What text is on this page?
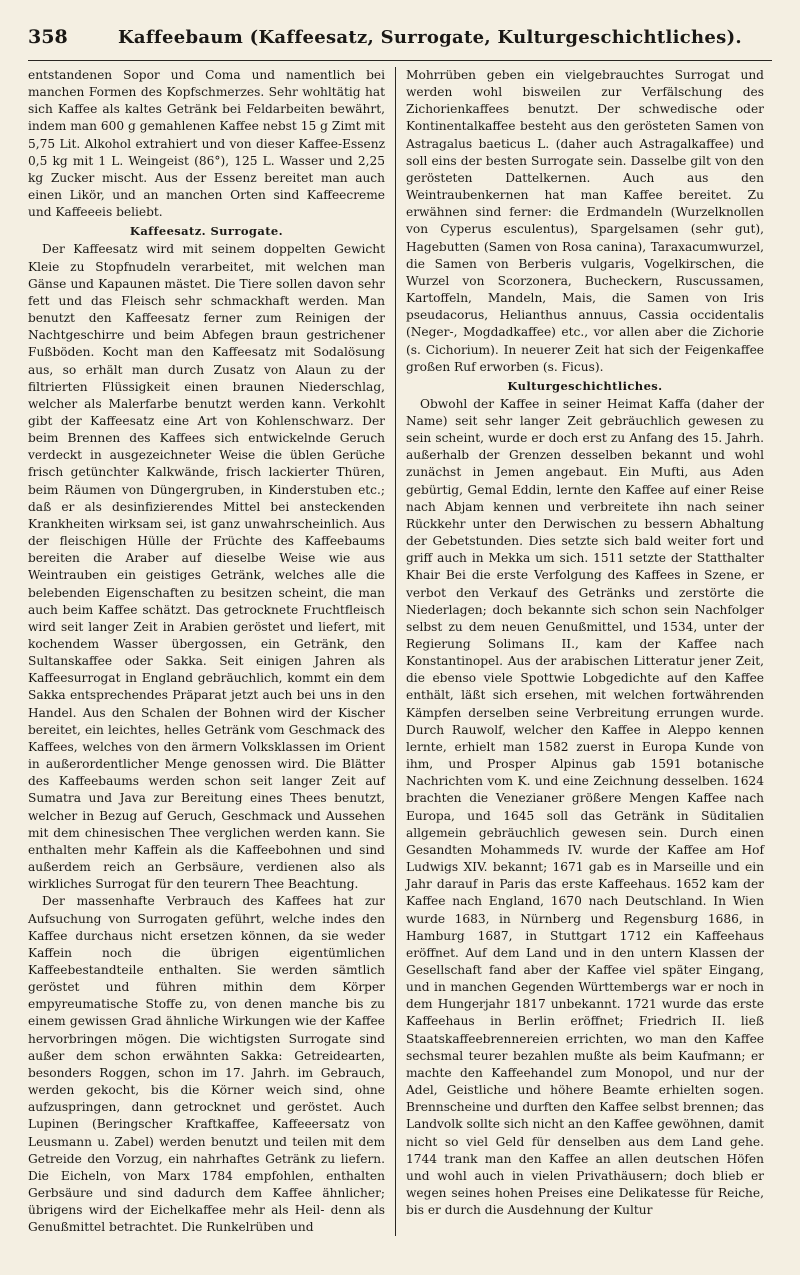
358	Kaffeebaum (Kaffeesatz, Surrogate, Kulturgeschichtliches).

entstandenen Sopor und Coma und namentlich bei manchen Formen des Kopfschmerzes. Sehr wohltätig hat sich Kaffee als kaltes Getränk bei Feldarbeiten bewährt, indem man 600 g gemahlenen Kaffee nebst 15 g Zimt mit 5,75 Lit. Alkohol extrahiert und von dieser Kaffee-Essenz 0,5 kg mit 1 L. Weingeist (86°), 125 L. Wasser und 2,25 kg Zucker mischt. Aus der Essenz bereitet man auch einen Likör, und an manchen Orten sind Kaffeecreme und Kaffeeeis beliebt.

Kaffeesatz. Surrogate.

Der Kaffeesatz wird mit seinem doppelten Gewicht Kleie zu Stopfnudeln verarbeitet, mit welchen man Gänse und Kapaunen mästet. Die Tiere sollen davon sehr fett und das Fleisch sehr schmackhaft werden. Man benutzt den Kaffeesatz ferner zum Reinigen der Nachtgeschirre und beim Abfegen braun gestrichener Fußböden. Kocht man den Kaffeesatz mit Sodalösung aus, so erhält man durch Zusatz von Alaun zu der filtrierten Flüssigkeit einen braunen Niederschlag, welcher als Malerfarbe benutzt werden kann. Verkohlt gibt der Kaffeesatz eine Art von Kohlenschwarz. Der beim Brennen des Kaffees sich entwickelnde Geruch verdeckt in ausgezeichneter Weise die üblen Gerüche frisch getünchter Kalkwände, frisch lackierter Thüren, beim Räumen von Düngergruben, in Kinderstuben etc.; daß er als desinfizierendes Mittel bei ansteckenden Krankheiten wirksam sei, ist ganz unwahrscheinlich. Aus der fleischigen Hülle der Früchte des Kaffeebaums bereiten die Araber auf dieselbe Weise wie aus Weintrauben ein geistiges Getränk, welches alle die belebenden Eigenschaften zu besitzen scheint, die man auch beim Kaffee schätzt. Das getrocknete Fruchtfleisch wird seit langer Zeit in Arabien geröstet und liefert, mit kochendem Wasser übergossen, ein Getränk, den Sultanskaffee oder Sakka. Seit einigen Jahren als Kaffeesurrogat in England gebräuchlich, kommt ein dem Sakka entsprechendes Präparat jetzt auch bei uns in den Handel. Aus den Schalen der Bohnen wird der Kischer bereitet, ein leichtes, helles Getränk vom Geschmack des Kaffees, welches von den ärmern Volksklassen im Orient in außerordentlicher Menge genossen wird. Die Blätter des Kaffeebaums werden schon seit langer Zeit auf Sumatra und Java zur Bereitung eines Thees benutzt, welcher in Bezug auf Geruch, Geschmack und Aussehen mit dem chinesischen Thee verglichen werden kann. Sie enthalten mehr Kaffein als die Kaffeebohnen und sind außerdem reich an Gerbsäure, verdienen also als wirkliches Surrogat für den teurern Thee Beachtung.

Der massenhafte Verbrauch des Kaffees hat zur Aufsuchung von Surrogaten geführt, welche indes den Kaffee durchaus nicht ersetzen können, da sie weder Kaffein noch die übrigen eigentümlichen Kaffeebestandteile enthalten. Sie werden sämtlich geröstet und führen mithin dem Körper empyreumatische Stoffe zu, von denen manche bis zu einem gewissen Grad ähnliche Wirkungen wie der Kaffee hervorbringen mögen. Die wichtigsten Surrogate sind außer dem schon erwähnten Sakka: Getreidearten, besonders Roggen, schon im 17. Jahrh. im Gebrauch, werden gekocht, bis die Körner weich sind, ohne aufzuspringen, dann getrocknet und geröstet. Auch Lupinen (Beringscher Kraftkaffee, Kaffeeersatz von Leusmann u. Zabel) werden benutzt und teilen mit dem Getreide den Vorzug, ein nahrhaftes Getränk zu liefern. Die Eicheln, von Marx 1784 empfohlen, enthalten Gerbsäure und sind dadurch dem Kaffee ähnlicher; übrigens wird der Eichelkaffee mehr als Heil- denn als Genußmittel betrachtet. Die Runkelrüben und

Mohrrüben geben ein vielgebrauchtes Surrogat und werden wohl bisweilen zur Verfälschung des Zichorienkaffees benutzt. Der schwedische oder Kontinentalkaffee besteht aus den gerösteten Samen von Astragalus baeticus L. (daher auch Astragalkaffee) und soll eins der besten Surrogate sein. Dasselbe gilt von den gerösteten Dattelkernen. Auch aus den Weintraubenkernen hat man Kaffee bereitet. Zu erwähnen sind ferner: die Erdmandeln (Wurzelknollen von Cyperus esculentus), Spargelsamen (sehr gut), Hagebutten (Samen von Rosa canina), Taraxacumwurzel, die Samen von Berberis vulgaris, Vogelkirschen, die Wurzel von Scorzonera, Bucheckern, Ruscussamen, Kartoffeln, Mandeln, Mais, die Samen von Iris pseudacorus, Helianthus annuus, Cassia occidentalis (Neger-, Mogdadkaffee) etc., vor allen aber die Zichorie (s. Cichorium). In neuerer Zeit hat sich der Feigenkaffee großen Ruf erworben (s. Ficus).

Kulturgeschichtliches.

Obwohl der Kaffee in seiner Heimat Kaffa (daher der Name) seit sehr langer Zeit gebräuchlich gewesen zu sein scheint, wurde er doch erst zu Anfang des 15. Jahrh. außerhalb der Grenzen desselben bekannt und wohl zunächst in Jemen angebaut. Ein Mufti, aus Aden gebürtig, Gemal Eddin, lernte den Kaffee auf einer Reise nach Abjam kennen und verbreitete ihn nach seiner Rückkehr unter den Derwischen zu bessern Abhaltung der Gebetstunden. Dies setzte sich bald weiter fort und griff auch in Mekka um sich. 1511 setzte der Statthalter Khair Bei die erste Verfolgung des Kaffees in Szene, er verbot den Verkauf des Getränks und zerstörte die Niederlagen; doch bekannte sich schon sein Nachfolger selbst zu dem neuen Genußmittel, und 1534, unter der Regierung Solimans II., kam der Kaffee nach Konstantinopel. Aus der arabischen Litteratur jener Zeit, die ebenso viele Spottwie Lobgedichte auf den Kaffee enthält, läßt sich ersehen, mit welchen fortwährenden Kämpfen derselben seine Verbreitung errungen wurde. Durch Rauwolf, welcher den Kaffee in Aleppo kennen lernte, erhielt man 1582 zuerst in Europa Kunde von ihm, und Prosper Alpinus gab 1591 botanische Nachrichten vom K. und eine Zeichnung desselben. 1624 brachten die Venezianer größere Mengen Kaffee nach Europa, und 1645 soll das Getränk in Süditalien allgemein gebräuchlich gewesen sein. Durch einen Gesandten Mohammeds IV. wurde der Kaffee am Hof Ludwigs XIV. bekannt; 1671 gab es in Marseille und ein Jahr darauf in Paris das erste Kaffeehaus. 1652 kam der Kaffee nach England, 1670 nach Deutschland. In Wien wurde 1683, in Nürnberg und Regensburg 1686, in Hamburg 1687, in Stuttgart 1712 ein Kaffeehaus eröffnet. Auf dem Land und in den untern Klassen der Gesellschaft fand aber der Kaffee viel später Eingang, und in manchen Gegenden Württembergs war er noch in dem Hungerjahr 1817 unbekannt. 1721 wurde das erste Kaffeehaus in Berlin eröffnet; Friedrich II. ließ Staatskaffeebrennereien errichten, wo man den Kaffee sechsmal teurer bezahlen mußte als beim Kaufmann; er machte den Kaffeehandel zum Monopol, und nur der Adel, Geistliche und höhere Beamte erhielten sogen. Brennscheine und durften den Kaffee selbst brennen; das Landvolk sollte sich nicht an den Kaffee gewöhnen, damit nicht so viel Geld für denselben aus dem Land gehe. 1744 trank man den Kaffee an allen deutschen Höfen und wohl auch in vielen Privathäusern; doch blieb er wegen seines hohen Preises eine Delikatesse für Reiche, bis er durch die Ausdehnung der Kultur
